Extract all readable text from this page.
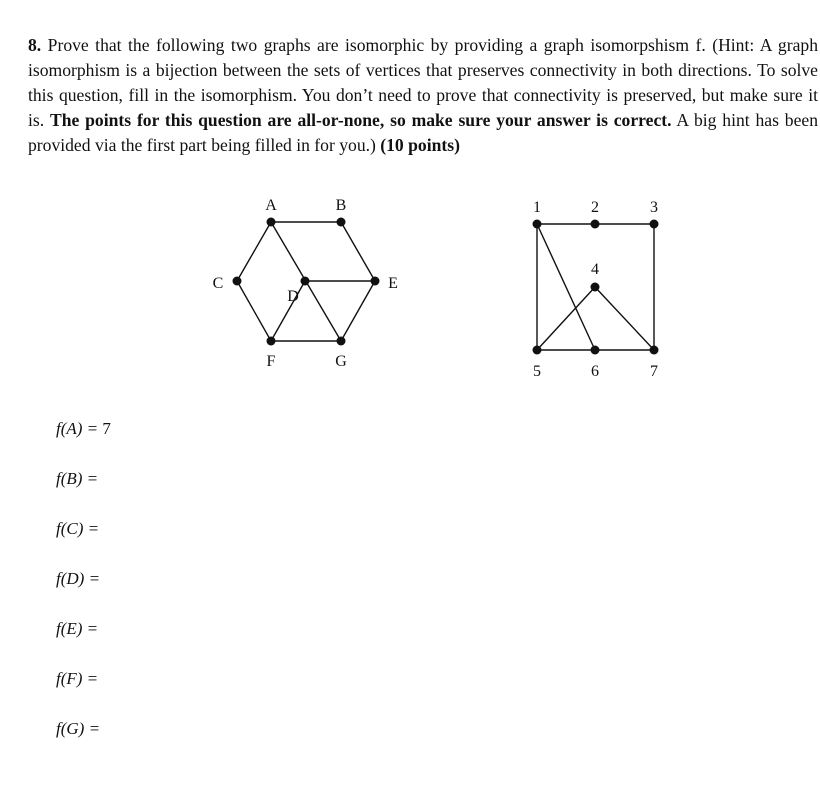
8. Prove that the following two graphs are isomorphic by providing a graph isomorpshism f. (Hint: A graph isomorphism is a bijection between the sets of vertices that preserves connectivity in both directions. To solve this question, fill in the isomorphism. You don’t need to prove that connectivity is preserved, but make sure it is. The points for this question are all-or-none, so make sure your answer is correct. A big hint has been provided via the first part being filled in for you.) (10 points)
A	B
C
D
E
F	G
1	2	3
4
5	6	7
f(A) = 7
f(B) =
f(C) =
f(D) =
f(E) =
f(F) =
f(G) =
